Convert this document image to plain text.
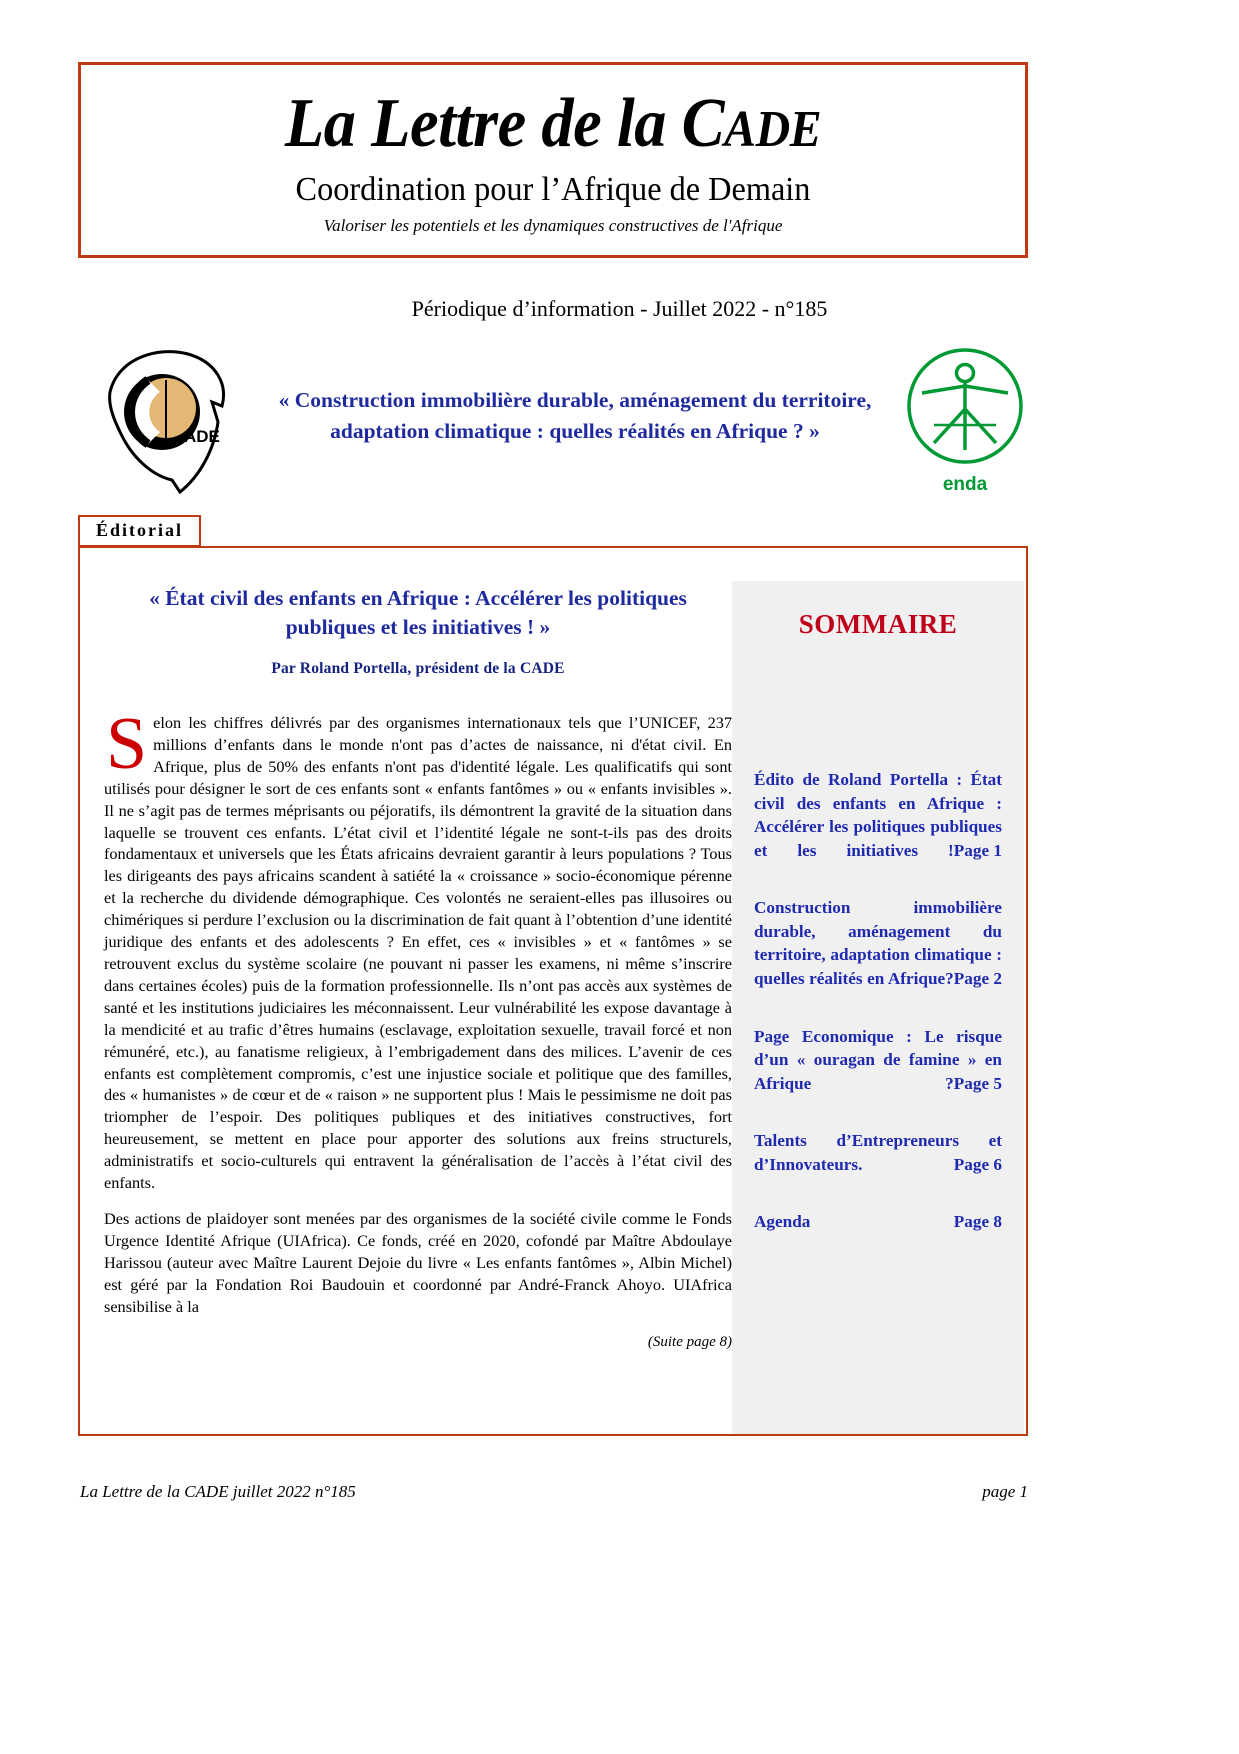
La Lettre de la CADE
Coordination pour l’Afrique de Demain
Valoriser les potentiels et les dynamiques constructives de l'Afrique
Périodique d’information - Juillet 2022 - n°185
ADE
« Construction immobilière durable, aménagement du territoire,
adaptation climatique : quelles réalités en Afrique ? »
enda
Éditorial
« État civil des enfants en Afrique : Accélérer les politiques publiques et les initiatives ! »
Par Roland Portella, président de la CADE

Selon les chiffres délivrés par des organismes internationaux tels que l’UNICEF, 237 millions d’enfants dans le monde n'ont pas d’actes de naissance, ni d'état civil. En Afrique, plus de 50% des enfants n'ont pas d'identité légale. Les qualificatifs qui sont utilisés pour désigner le sort de ces enfants sont « enfants fantômes » ou « enfants invisibles ». Il ne s’agit pas de termes méprisants ou péjoratifs, ils démontrent la gravité de la situation dans laquelle se trouvent ces enfants. L’état civil et l’identité légale ne sont-t-ils pas des droits fondamentaux et universels que les États africains devraient garantir à leurs populations ? Tous les dirigeants des pays africains scandent à satiété la « croissance » socio-économique pérenne et la recherche du dividende démographique. Ces volontés ne seraient-elles pas illusoires ou chimériques si perdure l’exclusion ou la discrimination de fait quant à l’obtention d’une identité juridique des enfants et des adolescents ? En effet, ces « invisibles » et « fantômes » se retrouvent exclus du système scolaire (ne pouvant ni passer les examens, ni même s’inscrire dans certaines écoles) puis de la formation professionnelle. Ils n’ont pas accès aux systèmes de santé et les institutions judiciaires les méconnaissent. Leur vulnérabilité les expose davantage à la mendicité et au trafic d’êtres humains (esclavage, exploitation sexuelle, travail forcé et non rémunéré, etc.), au fanatisme religieux, à l’embrigadement dans des milices. L’avenir de ces enfants est complètement compromis, c’est une injustice sociale et politique que des familles, des « humanistes » de cœur et de « raison » ne supportent plus ! Mais le pessimisme ne doit pas triompher de l’espoir. Des politiques publiques et des initiatives constructives, fort heureusement, se mettent en place pour apporter des solutions aux freins structurels, administratifs et socio-culturels qui entravent la généralisation de l’accès à l’état civil des enfants.

Des actions de plaidoyer sont menées par des organismes de la société civile comme le Fonds Urgence Identité Afrique (UIAfrica). Ce fonds, créé en 2020, cofondé par Maître Abdoulaye Harissou (auteur avec Maître Laurent Dejoie du livre « Les enfants fantômes », Albin Michel) est géré par la Fondation Roi Baudouin et coordonné par André-Franck Ahoyo. UIAfrica sensibilise à la

(Suite page 8)
SOMMAIRE
Édito de Roland Portella : État civil des enfants en Afrique : Accélérer les politiques publiques et les initiatives ! Page 1
Construction immobilière durable, aménagement du territoire, adaptation climatique : quelles réalités en Afrique? Page 2
Page Economique : Le risque d’un « ouragan de famine » en Afrique ? Page 5
Talents d’Entrepreneurs et d’Innovateurs.	Page 6
Agenda	Page 8
La Lettre de la CADE juillet 2022 n°185	page 1
